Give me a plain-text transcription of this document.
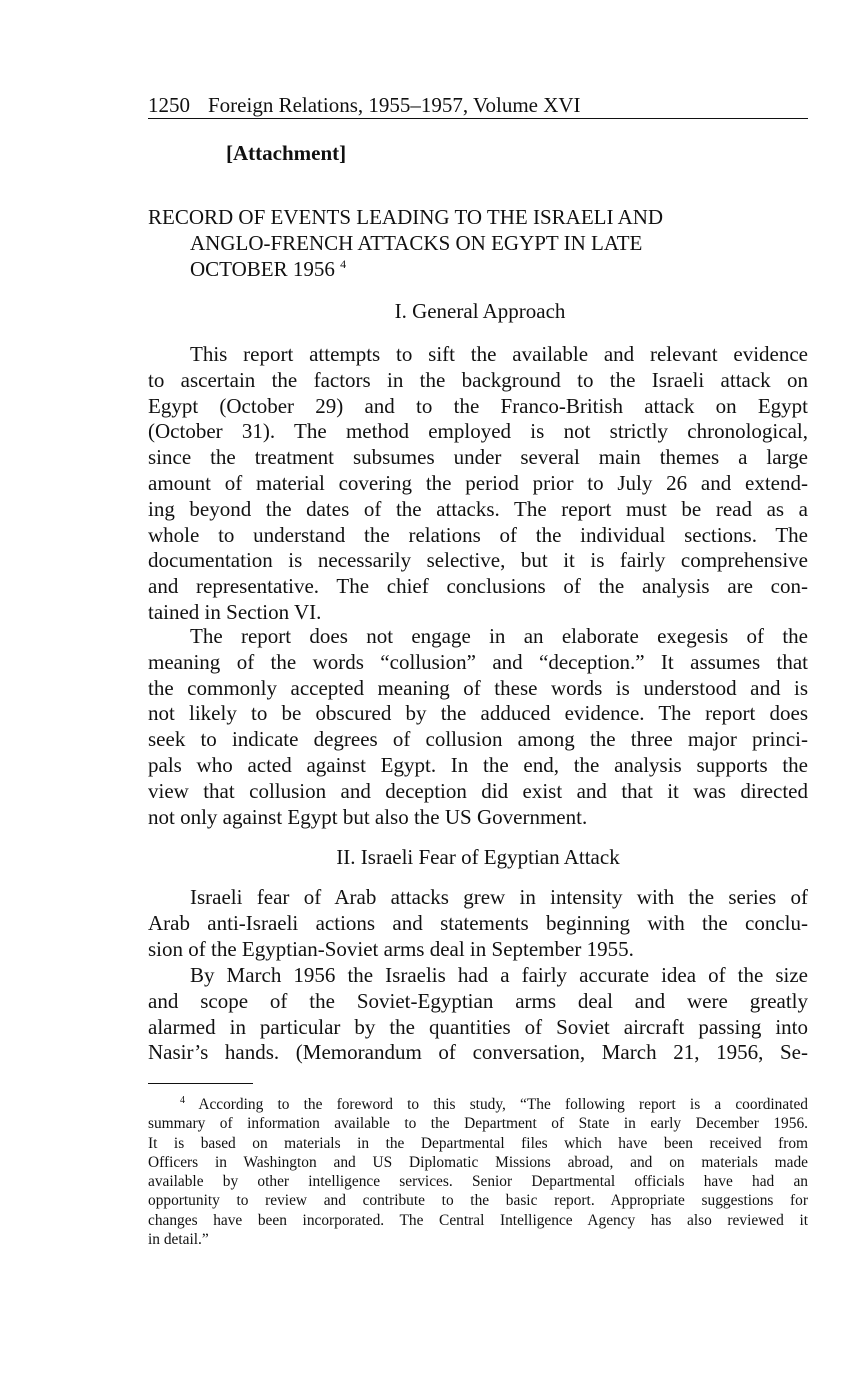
1250 Foreign Relations, 1955–1957, Volume XVI
[Attachment]
RECORD OF EVENTS LEADING TO THE ISRAELI AND
ANGLO-FRENCH ATTACKS ON EGYPT IN LATE
OCTOBER 1956 $^4$
I. General Approach
This report attempts to sift the available and relevant evidence
to ascertain the factors in the background to the Israeli attack on
Egypt (October 29) and to the Franco-British attack on Egypt
(October 31). The method employed is not strictly chronological,
since the treatment subsumes under several main themes a large
amount of material covering the period prior to July 26 and extend-
ing beyond the dates of the attacks. The report must be read as a
whole to understand the relations of the individual sections. The
documentation is necessarily selective, but it is fairly comprehensive
and representative. The chief conclusions of the analysis are con-
tained in Section VI.
The report does not engage in an elaborate exegesis of the
meaning of the words “collusion” and “deception.” It assumes that
the commonly accepted meaning of these words is understood and is
not likely to be obscured by the adduced evidence. The report does
seek to indicate degrees of collusion among the three major princi-
pals who acted against Egypt. In the end, the analysis supports the
view that collusion and deception did exist and that it was directed
not only against Egypt but also the US Government.
II. Israeli Fear of Egyptian Attack
Israeli fear of Arab attacks grew in intensity with the series of
Arab anti-Israeli actions and statements beginning with the conclu-
sion of the Egyptian-Soviet arms deal in September 1955.
By March 1956 the Israelis had a fairly accurate idea of the size
and scope of the Soviet-Egyptian arms deal and were greatly
alarmed in particular by the quantities of Soviet aircraft passing into
Nasir’s hands. (Memorandum of conversation, March 21, 1956, Se-
$^4$ According to the foreword to this study, “The following report is a coordinated
summary of information available to the Department of State in early December 1956.
It is based on materials in the Departmental files which have been received from
Officers in Washington and US Diplomatic Missions abroad, and on materials made
available by other intelligence services. Senior Departmental officials have had an
opportunity to review and contribute to the basic report. Appropriate suggestions for
changes have been incorporated. The Central Intelligence Agency has also reviewed it
in detail.”
